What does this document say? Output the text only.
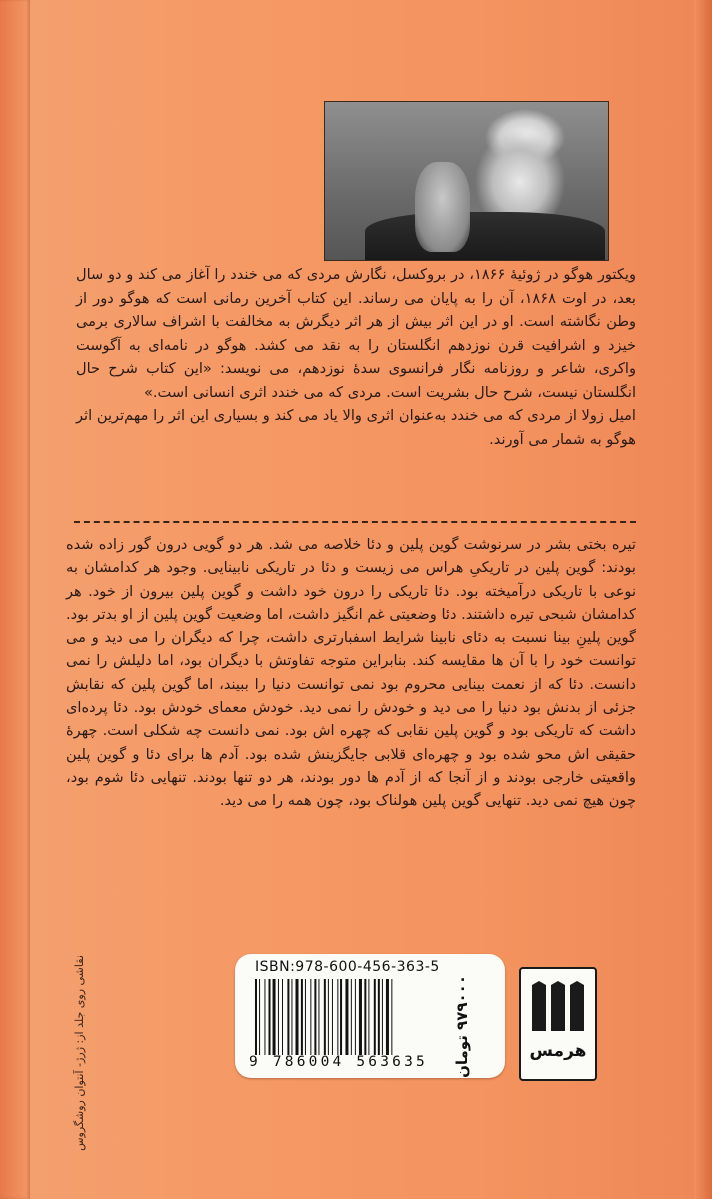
ویکتور هوگو در ژوئیهٔ ۱۸۶۶، در بروکسل، نگارش مردی که می خندد را آغاز می کند و دو سال بعد، در اوت ۱۸۶۸، آن را به پایان می رساند. این کتاب آخرین رمانی است که هوگو دور از وطن نگاشته است. او در این اثر بیش از هر اثر دیگرش به مخالفت با اشراف سالاری برمی خیزد و اشرافیت قرن نوزدهم انگلستان را به نقد می کشد. هوگو در نامه‌ای به آگوست واکری، شاعر و روزنامه نگار فرانسوی سدهٔ نوزدهم، می نویسد: «این کتاب شرح حال انگلستان نیست، شرح حال بشریت است. مردی که می خندد اثری انسانی است.»

امیل زولا از مردی که می خندد به‌عنوان اثری والا یاد می کند و بسیاری این اثر را مهم‌ترین اثر هوگو به شمار می آورند.

تیره بختی بشر در سرنوشت گوین پلین و دئا خلاصه می شد. هر دو گویی درون گور زاده شده بودند: گوین پلین در تاریکیِ هراس می زیست و دئا در تاریکی نابینایی. وجود هر کدامشان به نوعی با تاریکی درآمیخته بود. دئا تاریکی را درون خود داشت و گوین پلین بیرون از خود. هر کدامشان شبحی تیره داشتند. دئا وضعیتی غم انگیز داشت، اما وضعیت گوین پلین از او بدتر بود. گوین پلینِ بینا نسبت به دئای نابینا شرایط اسفبارتری داشت، چرا که دیگران را می دید و می توانست خود را با آن ها مقایسه کند. بنابراین متوجه تفاوتش با دیگران بود، اما دلیلش را نمی دانست. دئا که از نعمت بینایی محروم بود نمی توانست دنیا را ببیند، اما گوین پلین که نقابش جزئی از بدنش بود دنیا را می دید و خودش را نمی دید. خودش معمای خودش بود. دئا پرده‌ای داشت که تاریکی بود و گوین پلین نقابی که چهره اش بود. نمی دانست چه شکلی است. چهرهٔ حقیقی اش محو شده بود و چهره‌ای قلابی جایگزینش شده بود. آدم ها برای دئا و گوین پلین واقعیتی خارجی بودند و از آنجا که از آدم ها دور بودند، هر دو تنها بودند. تنهایی دئا شوم بود، چون هیچ نمی دید. تنهایی گوین پلین هولناک بود، چون همه را می دید.

نقاشی روی جلد از: ژرژ- آنتوان روشگروس	ISBN:978-600-456-363-5
9 786004 563635	۹۷۹۰۰۰ تومان
هرمس
